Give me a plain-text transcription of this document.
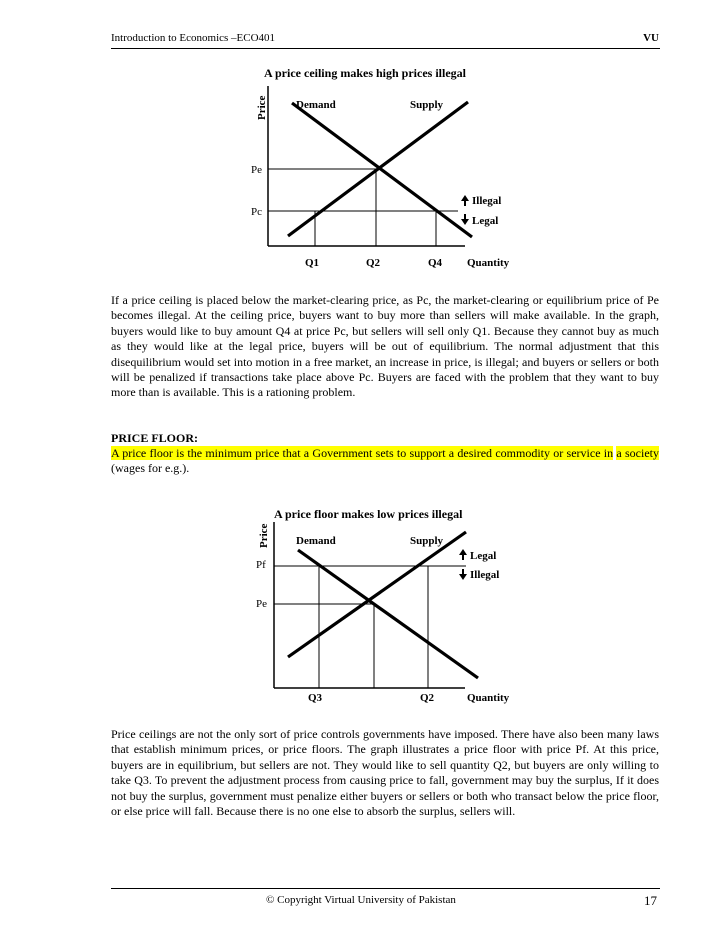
Introduction to Economics –ECO401	VU
A price ceiling makes high prices illegal
Price	Demand	Supply
Pe
Pc
Q1	Q2	Q4 Quantity
Illegal
Legal

If a price ceiling is placed below the market-clearing price, as Pc, the market-clearing or equilibrium price of Pe becomes illegal. At the ceiling price, buyers want to buy more than sellers will make available. In the graph, buyers would like to buy amount Q4 at price Pc, but sellers will sell only Q1. Because they cannot buy as much as they would like at the legal price, buyers will be out of equilibrium. The normal adjustment that this disequilibrium would set into motion in a free market, an increase in price, is illegal; and buyers or sellers or both will be penalized if transactions take place above Pc. Buyers are faced with the problem that they want to buy more than is available. This is a rationing problem.

PRICE FLOOR:

A price floor is the minimum price that a Government sets to support a desired commodity or service in a society (wages for e.g.).

A price floor makes low prices illegal
Price Demand	Supply
Pf
Pe
Q3	Q2	Quantity
Legal
Illegal

Price ceilings are not the only sort of price controls governments have imposed. There have also been many laws that establish minimum prices, or price floors. The graph illustrates a price floor with price Pf. At this price, buyers are in equilibrium, but sellers are not. They would like to sell quantity Q2, but buyers are only willing to take Q3. To prevent the adjustment process from causing price to fall, government may buy the surplus, If it does not buy the surplus, government must penalize either buyers or sellers or both who transact below the price floor, or else price will fall. Because there is no one else to absorb the surplus, sellers will.

© Copyright Virtual University of Pakistan	17
